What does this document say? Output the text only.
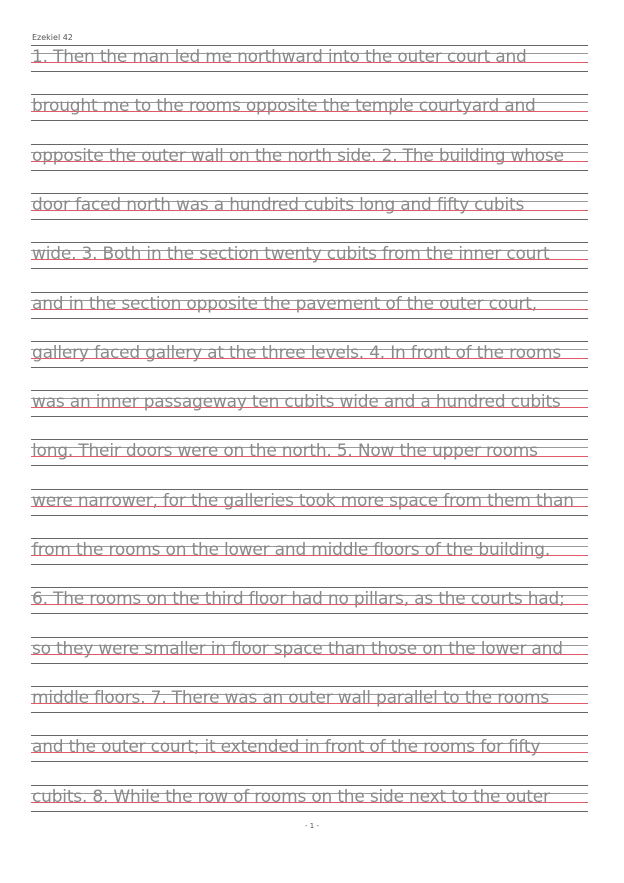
Ezekiel 42
1. Then the man led me northward into the outer court and
brought me to the rooms opposite the temple courtyard and
opposite the outer wall on the north side. 2. The building whose
door faced north was a hundred cubits long and fifty cubits
wide. 3. Both in the section twenty cubits from the inner court
and in the section opposite the pavement of the outer court,
gallery faced gallery at the three levels. 4. In front of the rooms
was an inner passageway ten cubits wide and a hundred cubits
long. Their doors were on the north. 5. Now the upper rooms
were narrower, for the galleries took more space from them than
from the rooms on the lower and middle floors of the building.
6. The rooms on the third floor had no pillars, as the courts had;
so they were smaller in floor space than those on the lower and
middle floors. 7. There was an outer wall parallel to the rooms
and the outer court; it extended in front of the rooms for fifty
cubits. 8. While the row of rooms on the side next to the outer
- 1 -
